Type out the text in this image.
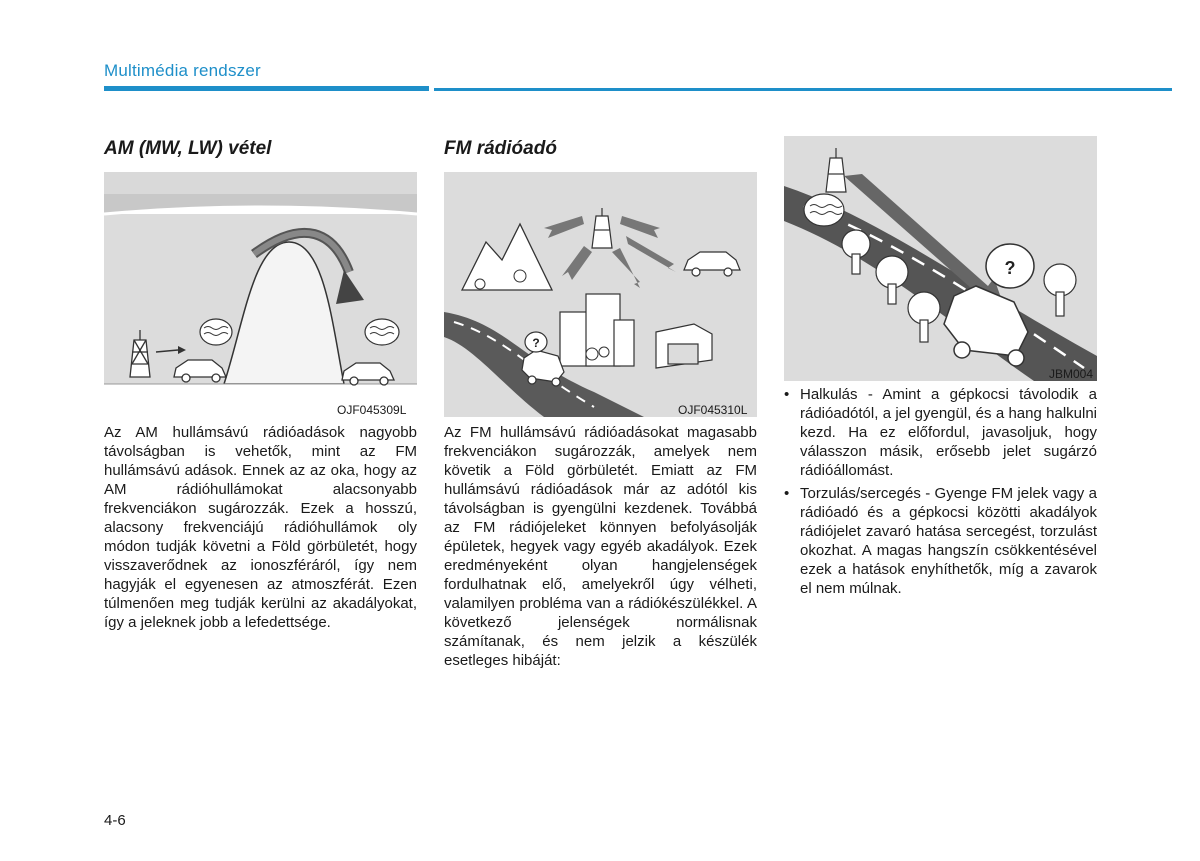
Multimédia rendszer
AM (MW, LW) vétel
OJF045309L

Az AM hullámsávú rádióadások nagyobb távolságban is vehetők, mint az FM hullámsávú adások. Ennek az az oka, hogy az AM rádióhullámokat alacsonyabb frekvenciákon sugározzák. Ezek a hosszú, alacsony frekvenciájú rádióhullámok oly módon tudják követni a Föld görbületét, hogy visszaverődnek az ionoszféráról, így nem hagyják el egyenesen az atmoszférát. Ezen túlmenően meg tudják kerülni az akadályokat, így a jeleknek jobb a lefedettsége.

FM rádióadó
?
OJF045310L

Az FM hullámsávú rádióadásokat magasabb frekvenciákon sugározzák, amelyek nem követik a Föld görbületét. Emiatt az FM hullámsávú rádióadások már az adótól kis távolságban is gyengülni kezdenek. Továbbá az FM rádiójeleket könnyen befolyásolják épületek, hegyek vagy egyéb akadályok. Ezek eredményeként olyan hangjelenségek fordulhatnak elő, amelyekről úgy vélheti, valamilyen probléma van a rádiókészülékkel. A következő jelenségek normálisnak számítanak, és nem jelzik a készülék esetleges hibáját:

?
JBM004
• Halkulás - Amint a gépkocsi távolodik a rádióadótól, a jel gyengül, és a hang halkulni kezd. Ha ez előfordul, javasoljuk, hogy válasszon másik, erősebb jelet sugárzó rádióállomást.
• Torzulás/sercegés - Gyenge FM jelek vagy a rádióadó és a gépkocsi közötti akadályok rádiójelet zavaró hatása sercegést, torzulást okozhat. A magas hangszín csökkentésével ezek a hatások enyhíthetők, míg a zavarok el nem múlnak.
4-6
